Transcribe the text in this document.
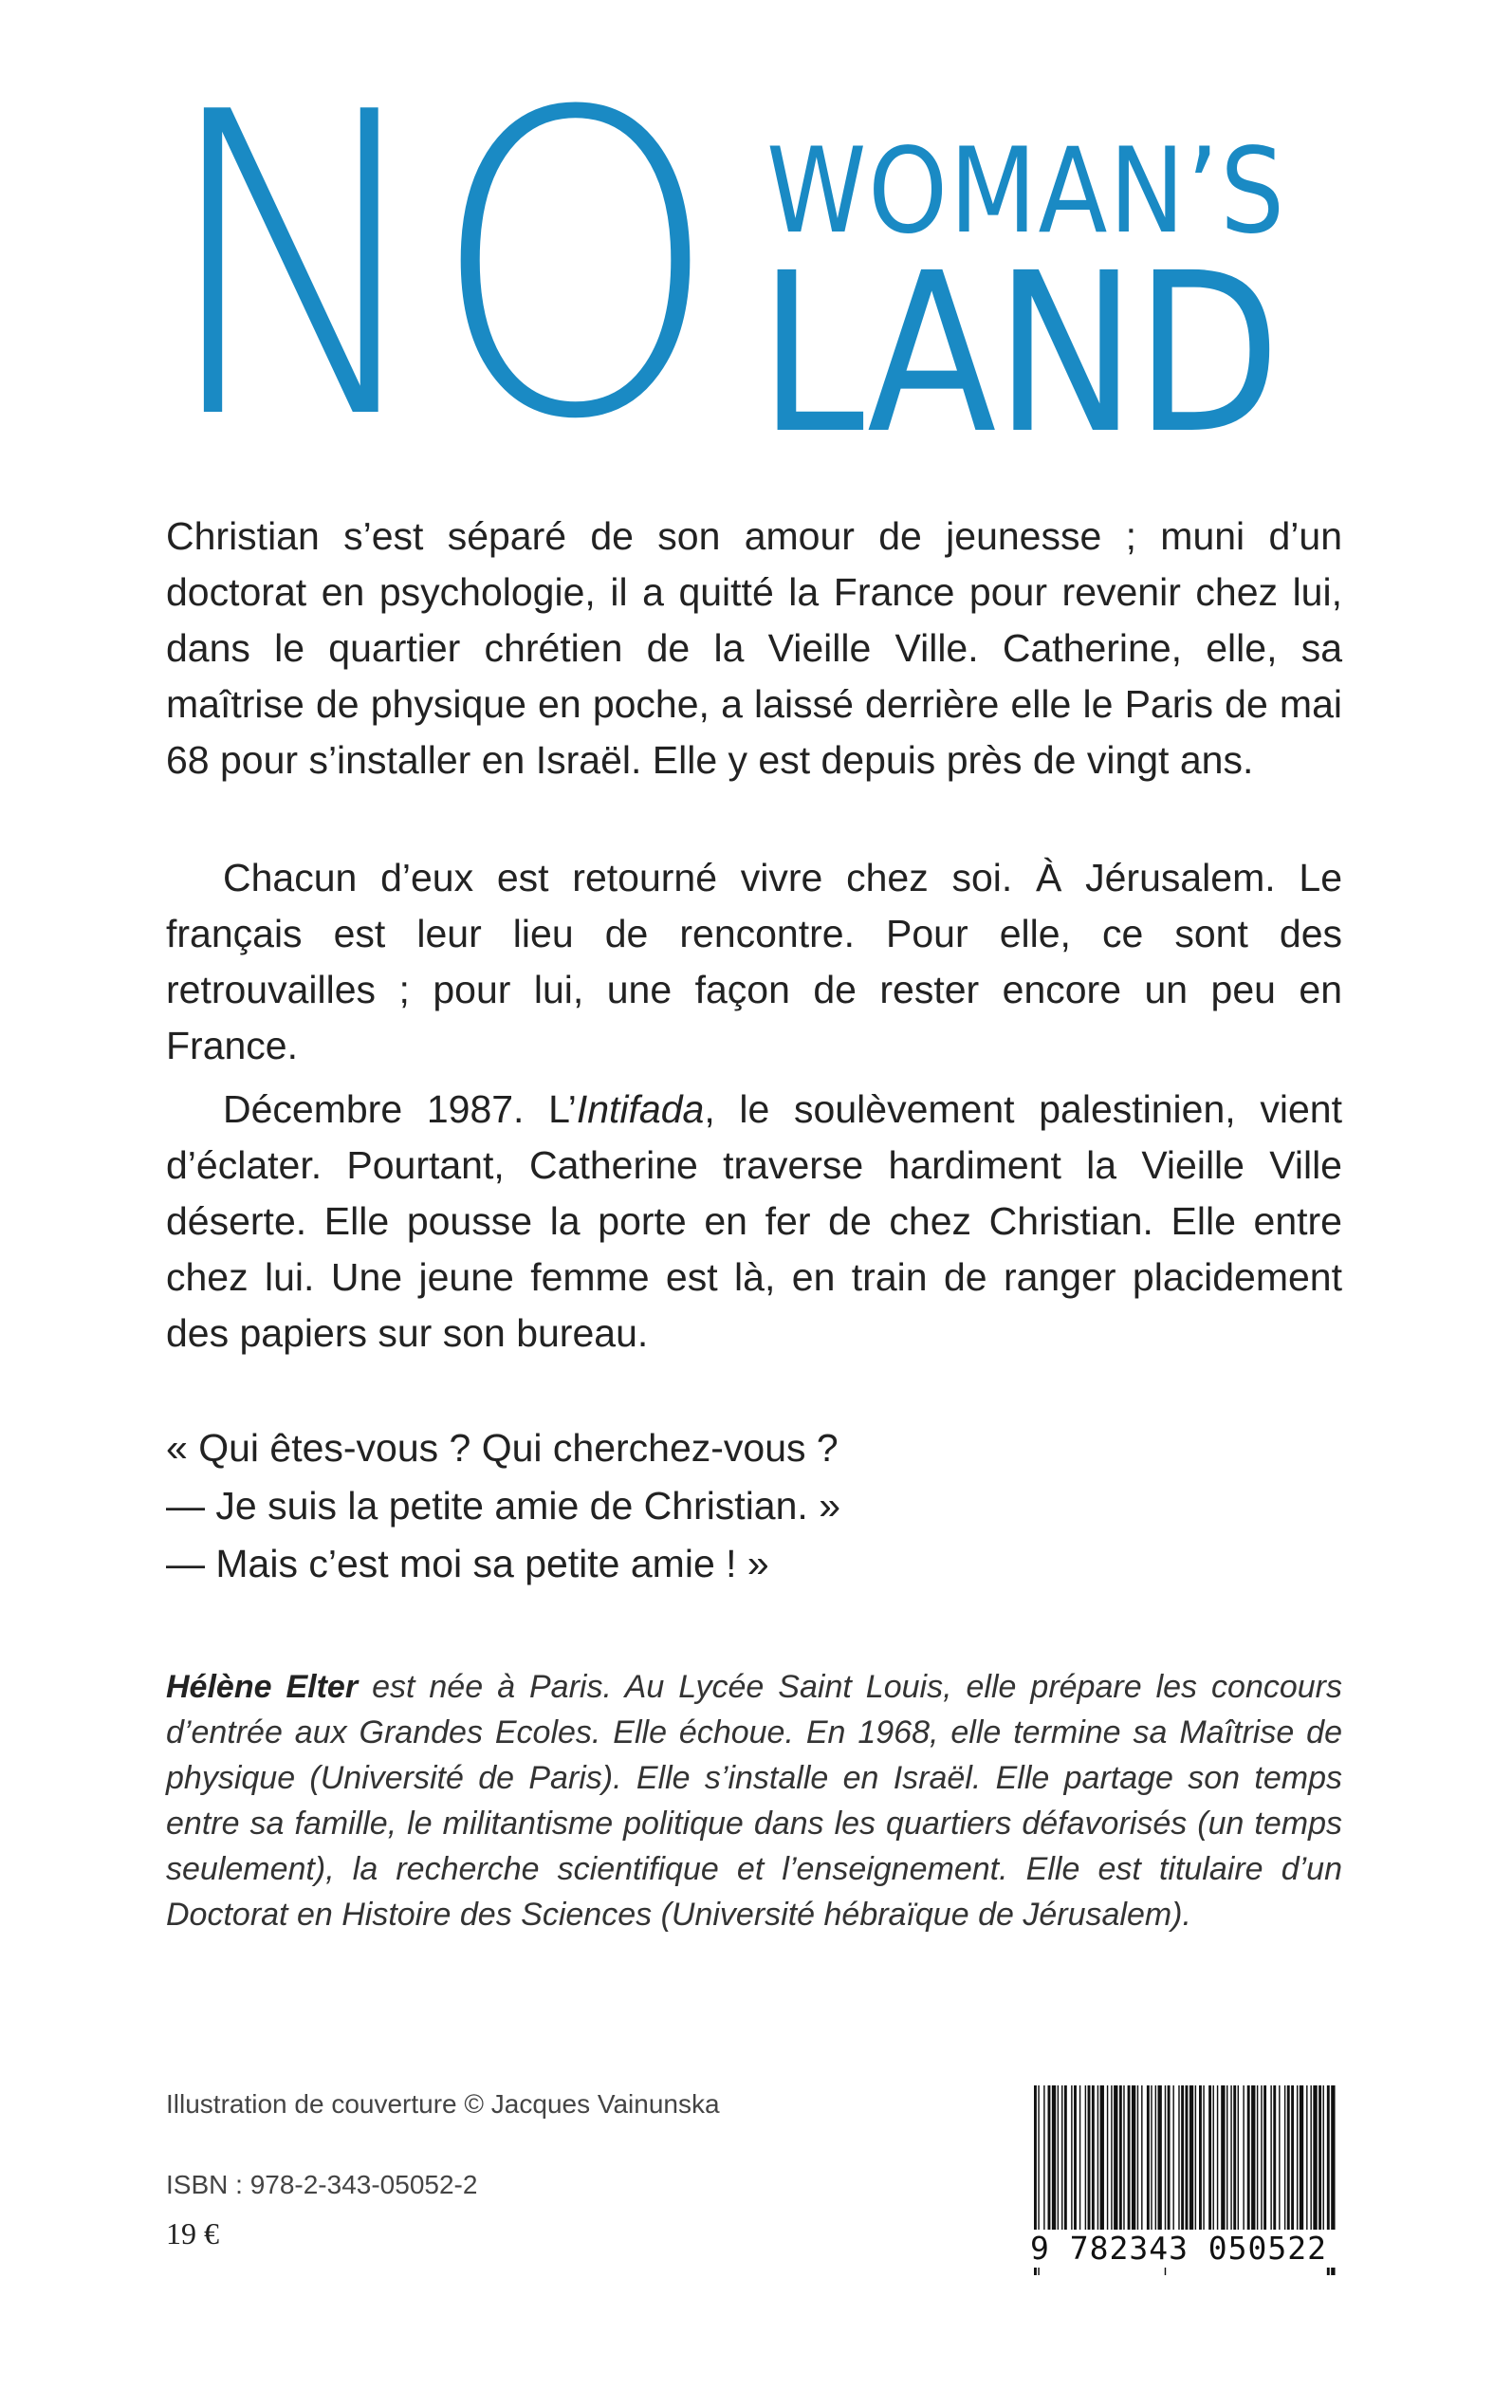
NO WOMAN’S
LAND

Christian s’est séparé de son amour de jeunesse ; muni d’un doctorat en psychologie, il a quitté la France pour revenir chez lui, dans le quartier chrétien de la Vieille Ville. Catherine, elle, sa maîtrise de physique en poche, a laissé derrière elle le Paris de mai 68 pour s’installer en Israël. Elle y est depuis près de vingt ans.

Chacun d’eux est retourné vivre chez soi. À Jérusalem. Le français est leur lieu de rencontre. Pour elle, ce sont des retrouvailles ; pour lui, une façon de rester encore un peu en France.

Décembre 1987. L’Intifada, le soulèvement palestinien, vient d’éclater. Pourtant, Catherine traverse hardiment la Vieille Ville déserte. Elle pousse la porte en fer de chez Christian. Elle entre chez lui. Une jeune femme est là, en train de ranger placidement des papiers sur son bureau.

« Qui êtes-vous ? Qui cherchez-vous ?
— Je suis la petite amie de Christian. »
— Mais c’est moi sa petite amie ! »

Hélène Elter est née à Paris. Au Lycée Saint Louis, elle prépare les concours d’entrée aux Grandes Ecoles. Elle échoue. En 1968, elle termine sa Maîtrise de physique (Université de Paris). Elle s’installe en Israël. Elle partage son temps entre sa famille, le militantisme politique dans les quartiers défavorisés (un temps seulement), la recherche scientifique et l’enseignement. Elle est titulaire d’un Doctorat en Histoire des Sciences (Université hébraïque de Jérusalem).

Illustration de couverture © Jacques Vainunska
ISBN : 978-2-343-05052-2
19 €	9 782343 050522
